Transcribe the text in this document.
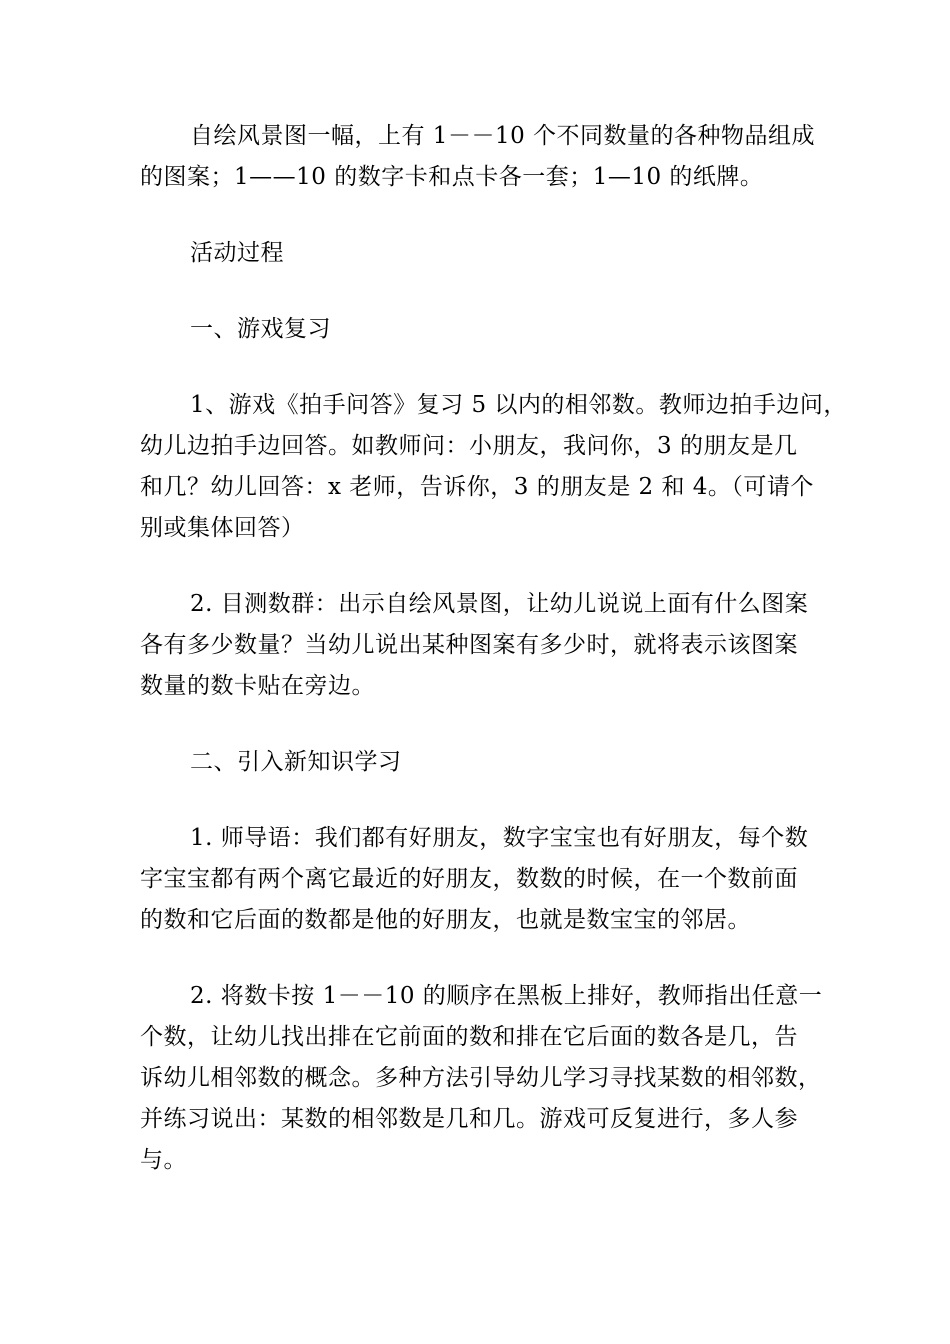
自绘风景图一幅，上有 1－－10 个不同数量的各种物品组成
的图案；1——10 的数字卡和点卡各一套；1—10 的纸牌。

活动过程

一、游戏复习

1、游戏《拍手问答》复习 5 以内的相邻数。教师边拍手边问，
幼儿边拍手边回答。如教师问：小朋友，我问你，3 的朋友是几
和几？幼儿回答：x 老师，告诉你，3 的朋友是 2 和 4。（可请个
别或集体回答）

2. 目测数群：出示自绘风景图，让幼儿说说上面有什么图案
各有多少数量？当幼儿说出某种图案有多少时，就将表示该图案
数量的数卡贴在旁边。

二、引入新知识学习

1. 师导语：我们都有好朋友，数字宝宝也有好朋友，每个数
字宝宝都有两个离它最近的好朋友，数数的时候，在一个数前面
的数和它后面的数都是他的好朋友，也就是数宝宝的邻居。

2. 将数卡按 1－－10 的顺序在黑板上排好，教师指出任意一
个数，让幼儿找出排在它前面的数和排在它后面的数各是几，告
诉幼儿相邻数的概念。多种方法引导幼儿学习寻找某数的相邻数，
并练习说出：某数的相邻数是几和几。游戏可反复进行，多人参
与。
